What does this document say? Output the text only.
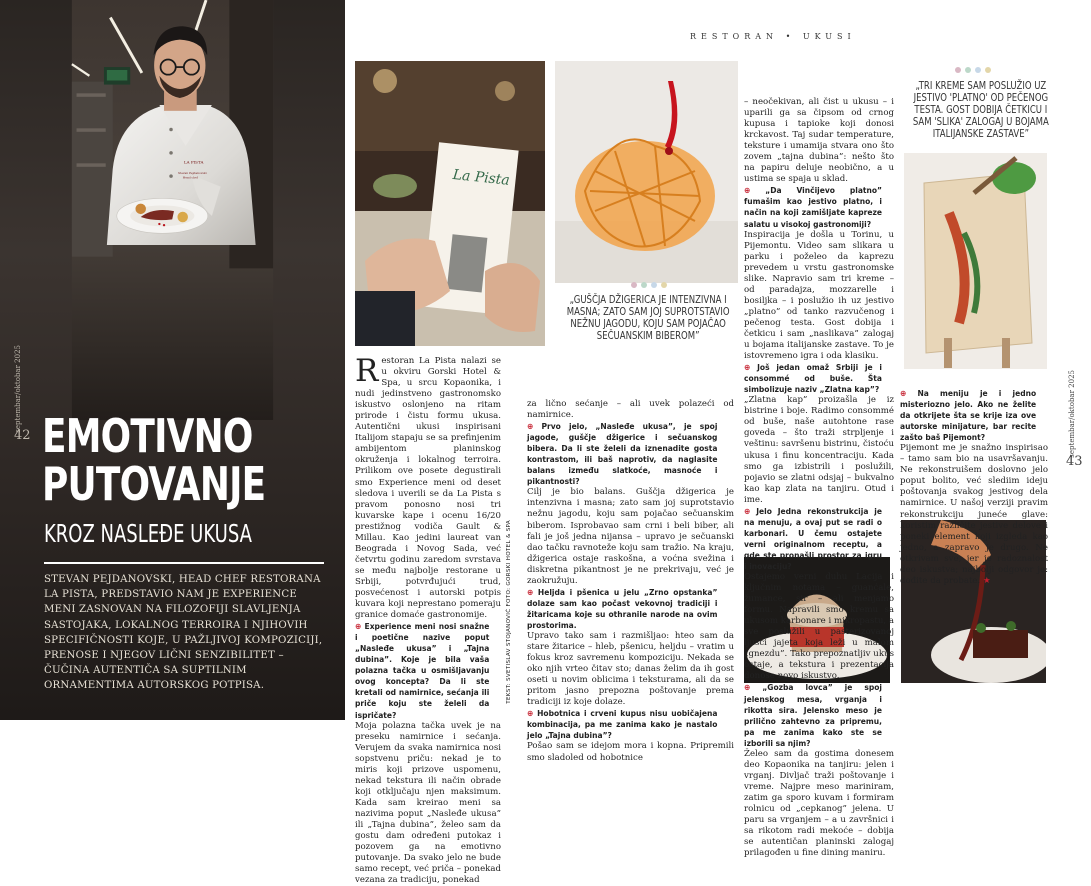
LA PISTA
Stevan Pejdanovski
Head chef
septembar/oktobar 2025
42 EMOTIVNO
PUTOVANJE
KROZ NASLEĐE UKUSA
STEVAN PEJDANOVSKI, HEAD CHEF RESTORANA LA PISTA, PREDSTAVIO NAM JE EXPERIENCE MENI ZASNOVAN NA FILOZOFIJI SLAVLJENJA SASTOJAKA, LOKALNOG TERROIRA I NJIHOVIH SPECIFIČNOSTI KOJE, U PAŽLJIVOJ KOMPOZICIJI, PRENOSE I NJEGOV LIČNI SENZIBILITET – ČUČINA AUTENTIČA SA SUPTILNIM ORNAMENTIMA AUTORSKOG POTPISA.
RESTORAN • UKUSI
43
septembar/oktobar 2025
La Pista
„GUŠČJA DŽIGERICA JE INTENZIVNA I MASNA; ZATO SAM JOJ SUPROTSTAVIO NEŽNU JAGODU, KOJU SAM POJAČAO SEČUANSKIM BIBEROM”
„TRI KREME SAM POSLUŽIO UZ JESTIVO 'PLATNO' OD PEČENOG TESTA. GOST DOBIJA ČETKICU I SAM 'SLIKA' ZALOGAJ U BOJAMA ITALIJANSKE ZASTAVE”
TEKST: SVETISLAV STOJANOVIĆ FOTO: GORSKI HOTEL & SPA

Restoran La Pista nalazi se u okviru Gorski Hotel & Spa, u srcu Kopaonika, i nudi jedinstveno gastronomsko iskustvo oslonjeno na ritam prirode i čistu formu ukusa. Autentični ukusi inspirisani Italijom stapaju se sa prefinjenim ambijentom planinskog okruženja i lokalnog terroira. Prilikom ove posete degustirali smo Experience meni od deset sledova i uverili se da La Pista s pravom ponosno nosi tri kuvarske kape i ocenu 16/20 prestižnog vodiča Gault & Millau. Kao jedini laureat van Beograda i Novog Sada, već četvrtu godinu zaredom svrstava se među najbolje restorane u Srbiji, potvrđujući trud, posvećenost i autorski potpis kuvara koji neprestano pomeraju granice domaće gastronomije.

⊕ Experience meni nosi snažne i poetične nazive poput „Nasleđe ukusa” i „Tajna dubina”. Koje je bila vaša polazna tačka u osmišljavanju ovog koncepta? Da li ste kretali od namirnice, sećanja ili priče koju ste želeli da ispričate?

Moja polazna tačka uvek je na preseku namirnice i sećanja. Verujem da svaka namirnica nosi sopstvenu priču: nekad je to miris koji prizove uspomenu, nekad tekstura ili način obrade koji otključaju njen maksimum. Kada sam kreirao meni sa nazivima poput „Nasleđe ukusa” ili „Tajna dubina”, želeo sam da gostu dam određeni putokaz i pozovem ga na emotivno putovanje. Da svako jelo ne bude samo recept, već priča – ponekad vezana za tradiciju, ponekad

za lično sećanje – ali uvek polazeći od namirnice.

⊕ Prvo jelo, „Nasleđe ukusa”, je spoj jagode, guščje džigerice i sečuanskog bibera. Da li ste želeli da iznenadite gosta kontrastom, ili baš naprotiv, da naglasite balans između slatkoće, masnoće i pikantnosti?

Cilj je bio balans. Guščja džigerica je intenzivna i masna; zato sam joj suprotstavio nežnu jagodu, koju sam pojačao sečuanskim biberom. Isprobavao sam crni i beli biber, ali fali je još jedna nijansa – upravo je sečuanski dao tačku ravnoteže koju sam tražio. Na kraju, džigerica ostaje raskošna, a voćna svežina i diskretna pikantnost je ne prekrivaju, već je zaokružuju.

⊕ Heljda i pšenica u jelu „Zrno opstanka” dolaze sam kao počast vekovnoj tradiciji i žitaricama koje su othranile narode na ovim prostorima.

Upravo tako sam i razmišljao: hteo sam da stare žitarice – hleb, pšenicu, heljdu – vratim u fokus kroz savremenu kompoziciju. Nekada se oko njih vrteo čitav sto; danas želim da ih gost oseti u novim oblicima i teksturama, ali da se pritom jasno prepozna poštovanje prema tradiciji iz koje dolaze.

⊕ Hobotnica i crveni kupus nisu uobičajena kombinacija, pa me zanima kako je nastalo jelo „Tajna dubina”?

Pošao sam se idejom mora i kopna. Pripremili smo sladoled od hobotnice

– neočekivan, ali čist u ukusu – i uparili ga sa čipsom od crnog kupusa i tapioke koji donosi krckavost. Taj sudar temperature, teksture i umamija stvara ono što zovem „tajna dubina”: nešto što na papiru deluje neobično, a u ustima se spaja u sklad.

⊕ „Da Vinčijevo platno” fumašim kao jestivo platno, i način na koji zamišljate kapreze salatu u visokoj gastronomiji?

Inspiracija je došla u Torinu, u Pijemontu. Video sam slikara u parku i poželeo da kaprezu prevedem u vrstu gastronomske slike. Napravio sam tri kreme – od paradajza, mozzarelle i bosiljka – i poslužio ih uz jestivo „platno” od tanko razvučenog i pečenog testa. Gost dobija i četkicu i sam „naslikava” zalogaj u bojama italijanske zastave. To je istovremeno igra i oda klasiku.

⊕ Još jedan omaž Srbiji je i consommé od buše. Šta simbolizuje naziv „Zlatna kap”?

„Zlatna kap” proizašla je iz bistrine i boje. Radimo consommé od buše, naše autohtone rase goveda – što traži strpljenje i veštinu: savršenu bistrinu, čistoću ukusa i finu koncentraciju. Kada smo ga izbistrili i poslužili, pojavio se zlatni odsjaj – bukvalno kao kap zlata na tanjiru. Otud i ime.

⊕ Jelo Jedna rekonstrukcija je na menuju, a ovaj put se radi o karbonari. U čemu ostajete verni originalnom receptu, a gde ste pronašli prostor za igru i inovaciju?

Ostajemo verni duhu Lacija i ključnim notama – guanćale, žumance, sir – ali menjamo formu. Napravili smo kremu sa ukusom karbonare i mikropastu, a sve poslužili u pasterizovanoj ljusci jajeta koja leži u malom „gnezdu”. Tako prepoznatljiv ukus ostaje, a tekstura i prezentacija donose novo iskustvo.

⊕ „Gozba lovca” je spoj jelenskog mesa, vrganja i rikotta sira. Jelensko meso je prilično zahtevno za pripremu, pa me zanima kako ste se izborili sa njim?

Želeo sam da gostima donesem deo Kopaonika na tanjiru: jelen i vrganj. Divljač traži poštovanje i vreme. Najpre meso mariniram, zatim ga sporo kuvam i formiram rolnicu od „cepkanog” jelena. U paru sa vrganjem – a u završnici i sa rikotom radi mekoće – dobija se autentičan planinski zalogaj prilagođen u fine dining maniru.

⊕ Na meniju je i jedno misteriozno jelo. Ako ne želite da otkrijete šta se krije iza ove autorske minijature, bar recite zašto baš Pijemont?

Pijemont me je snažno inspirisao – tamo sam bio na usavršavanju. Ne rekonstruišem doslovno jelo poput bolito, već slediim ideju poštovanja svakog jestivog dela namirnice. U našoj verziji pravim rekonstrukciju juneće glave: koristim različite jestive delove i poneki element koji izgleda kao jedno, a zapravo je drugo. Ne otkrivam sve, jer je radoznalost deo iskustva; najbolji odgovor je: dođite da probate. ★
